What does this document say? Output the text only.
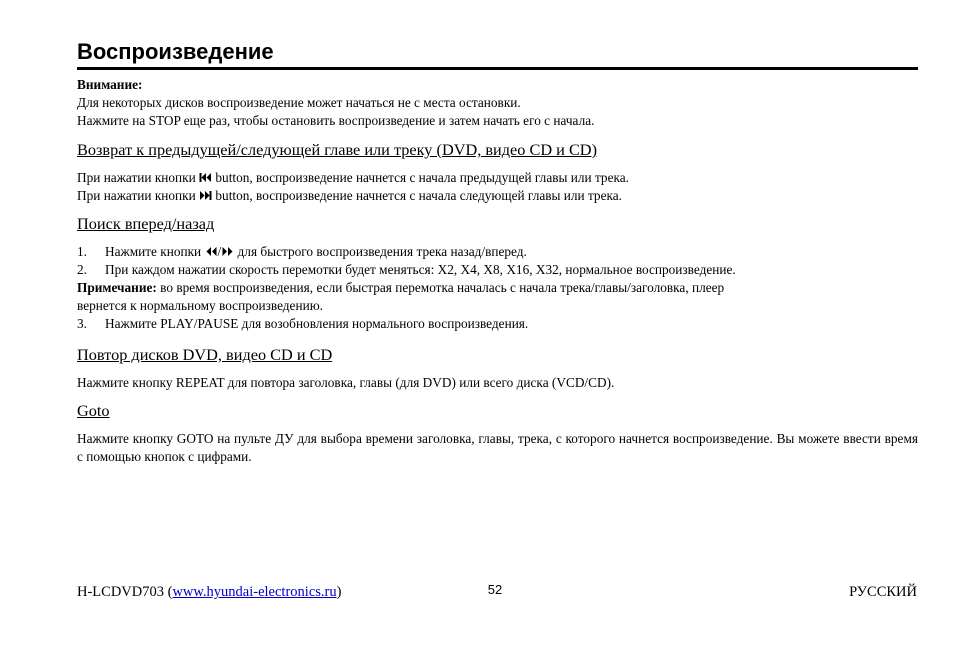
Воспроизведение
Внимание:
Для некоторых дисков воспроизведение может начаться не с места остановки.
Нажмите на STOP еще раз, чтобы остановить воспроизведение и затем начать его с начала.
Возврат к предыдущей/следующей главе или треку (DVD, видео CD и CD)
При нажатии кнопки button, воспроизведение начнется с начала предыдущей главы или трека.
При нажатии кнопки button, воспроизведение начнется с начала следующей главы или трека.
Поиск вперед/назад
1. Нажмите кнопки / для быстрого воспроизведения трека назад/вперед.
2. При каждом нажатии скорость перемотки будет меняться: X2, X4, X8, X16, X32, нормальное воспроизведение.
Примечание: во время воспроизведения, если быстрая перемотка началась с начала трека/главы/заголовка, плеер
вернется к нормальному воспроизведению.
3. Нажмите PLAY/PAUSE для возобновления нормального воспроизведения.
Повтор дисков DVD, видео CD и CD
Нажмите кнопку REPEAT для повтора заголовка, главы (для DVD) или всего диска (VCD/CD).
Goto
Нажмите кнопку GOTO на пульте ДУ для выбора времени заголовка, главы, трека, с которого начнется воспроизведение. Вы можете ввести время с помощью кнопок с цифрами.
H-LCDVD703 (www.hyundai-electronics.ru)	52	РУССКИЙ
